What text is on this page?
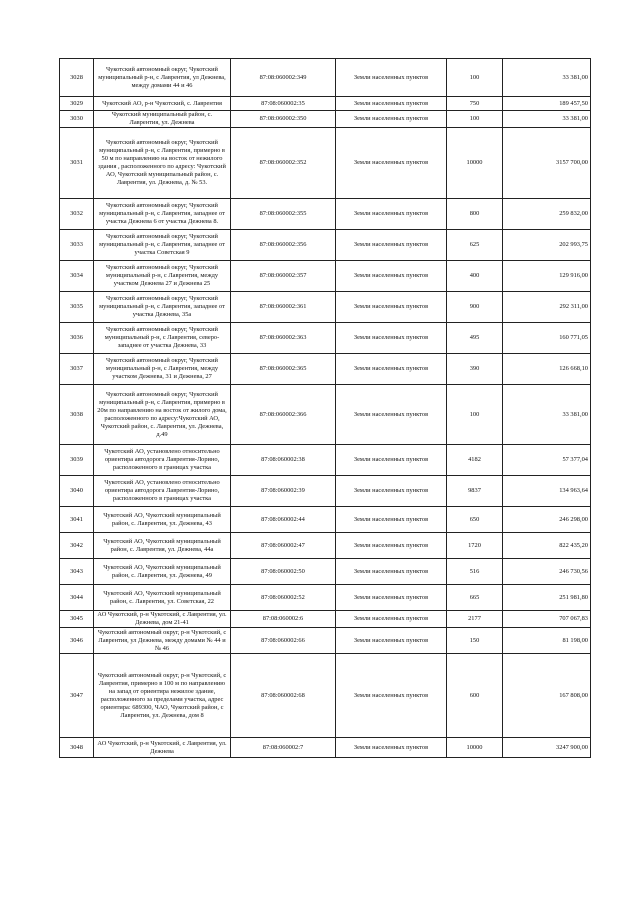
3028	Чукотский автономный округ, Чукотский муниципальный р-н, с Лаврентия, ул Дежнева, между домами 44 и 46	87:08:060002:349	Земли населенных пунктов	100	33 381,00
3029	Чукотский АО, р-н Чукотский, с. Лаврентия	87:08:060002:35	Земли населенных пунктов	750	189 457,50
3030	Чукотский муниципальный район, с. Лаврентия, ул. Дежнева	87:08:060002:350	Земли населенных пунктов	100	33 381,00
3031	Чукотский автономный округ, Чукотский муниципальный р-н, с Лаврентия, примерно в 50 м по направлению на восток от нежилого здания , расположенного по адресу: Чукотский АО, Чукотский муниципальный район, с. Лаврентия, ул. Дежнева, д. № 53.	87:08:060002:352	Земли населенных пунктов	10000	3157 700,00
3032	Чукотский автономный округ, Чукотский муниципальный р-н, с Лаврентия, западнее от участка Дежнева 6 от участка Дежнева 8.	87:08:060002:355	Земли населенных пунктов	800	259 832,00
3033	Чукотский автономный округ, Чукотский муниципальный р-н, с Лаврентия, западнее от участка Советская 9	87:08:060002:356	Земли населенных пунктов	625	202 993,75
3034	Чукотский автономный округ, Чукотский муниципальный р-н, с Лаврентия, между участком Дежнева 27 и Дежнева 25	87:08:060002:357	Земли населенных пунктов	400	129 916,00
3035	Чукотский автономный округ, Чукотский муниципальный р-н, с Лаврентия, западнее от участка Дежнева, 35а	87:08:060002:361	Земли населенных пунктов	900	292 311,00
3036	Чукотский автономный округ, Чукотский муниципальный р-н, с Лаврентия, северо-западнее от участка Дежнева, 33	87:08:060002:363	Земли населенных пунктов	495	160 771,05
3037	Чукотский автономный округ, Чукотский муниципальный р-н, с Лаврентия, между участком Дежнева, 31 и Дежнева, 27	87:08:060002:365	Земли населенных пунктов	390	126 668,10
3038	Чукотский автономный округ, Чукотский муниципальный р-н, с Лаврентия, примерно в 20м по направлению на восток от жилого дома, расположенного по адресу:Чукотский АО, Чукотский район, с. Лаврентия, ул. Дежнева, д.49	87:08:060002:366	Земли населенных пунктов	100	33 381,00
3039	Чукотский АО, установлено относительно ориентира автодорога Лаврентия-Лорино, расположенного в границах участка	87:08:060002:38	Земли населенных пунктов	4182	57 377,04
3040	Чукотский АО, установлено относительно ориентира автодорога Лаврентия-Лорино, расположенного в границах участка	87:08:060002:39	Земли населенных пунктов	9837	134 963,64
3041	Чукотский АО, Чукотский муниципальный район, с. Лаврентия, ул. Дежнева, 43	87:08:060002:44	Земли населенных пунктов	650	246 298,00
3042	Чукотский АО, Чукотский муниципальный район, с. Лаврентия, ул. Дежнева, 44а	87:08:060002:47	Земли населенных пунктов	1720	822 435,20
3043	Чукотский АО, Чукотский муниципальный район, с. Лаврентия, ул. Дежнева, 49	87:08:060002:50	Земли населенных пунктов	516	246 730,56
3044	Чукотский АО, Чукотский муниципальный район, с. Лаврентия, ул. Советская, 22	87:08:060002:52	Земли населенных пунктов	665	251 981,80
3045	АО Чукотский, р-н Чукотский, с Лаврентия, ул. Дежнева, дом 21-41	87:08:060002:6	Земли населенных пунктов	2177	707 067,83
3046	Чукотский автономный округ, р-н Чукотский, с Лаврентия, ул Дежнева, между домами № 44 и № 46	87:08:060002:66	Земли населенных пунктов	150	81 198,00
3047	Чукотский автономный округ, р-н Чукотский, с Лаврентия, примерно в 100 м по направлению на запад от ориентира нежилое здание, расположенного за пределами участка, адрес ориентира: 689300, ЧАО, Чукотский район, с Лаврентия, ул. Дежнева, дом 8	87:08:060002:68	Земли населенных пунктов	600	167 808,00
3048	АО Чукотский, р-н Чукотский, с Лаврентия, ул. Дежнева	87:08:060002:7	Земли населенных пунктов	10000	3247 900,00
